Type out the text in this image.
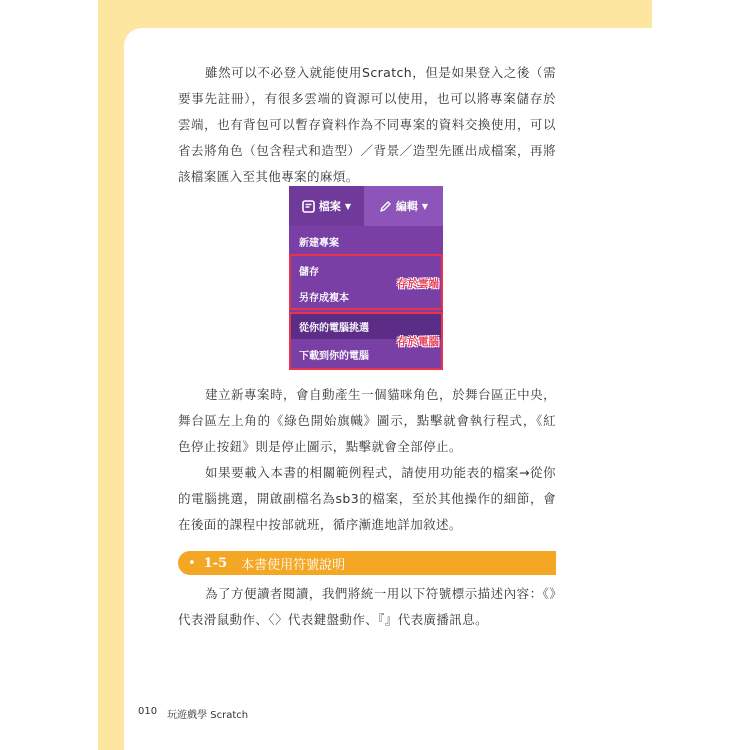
雖然可以不必登入就能使用Scratch，但是如果登入之後（需要事先註冊），有很多雲端的資源可以使用，也可以將專案儲存於雲端，也有背包可以暫存資料作為不同專案的資料交換使用，可以省去將角色（包含程式和造型）／背景／造型先匯出成檔案，再將該檔案匯入至其他專案的麻煩。

檔案 ▼	編輯 ▼
新建專案
儲存
另存成複本
從你的電腦挑選
下載到你的電腦
存於雲端
存於電腦

建立新專案時，會自動產生一個貓咪角色，於舞台區正中央，舞台區左上角的《綠色開始旗幟》圖示，點擊就會執行程式，《紅色停止按鈕》則是停止圖示，點擊就會全部停止。

如果要載入本書的相關範例程式，請使用功能表的檔案→從你的電腦挑選，開啟副檔名為sb3的檔案，至於其他操作的細節，會在後面的課程中按部就班，循序漸進地詳加敘述。

• 1-5 本書使用符號說明

為了方便讀者閱讀，我們將統一用以下符號標示描述內容：《》代表滑鼠動作、〈〉代表鍵盤動作、『』代表廣播訊息。

010 玩遊戲學 Scratch
